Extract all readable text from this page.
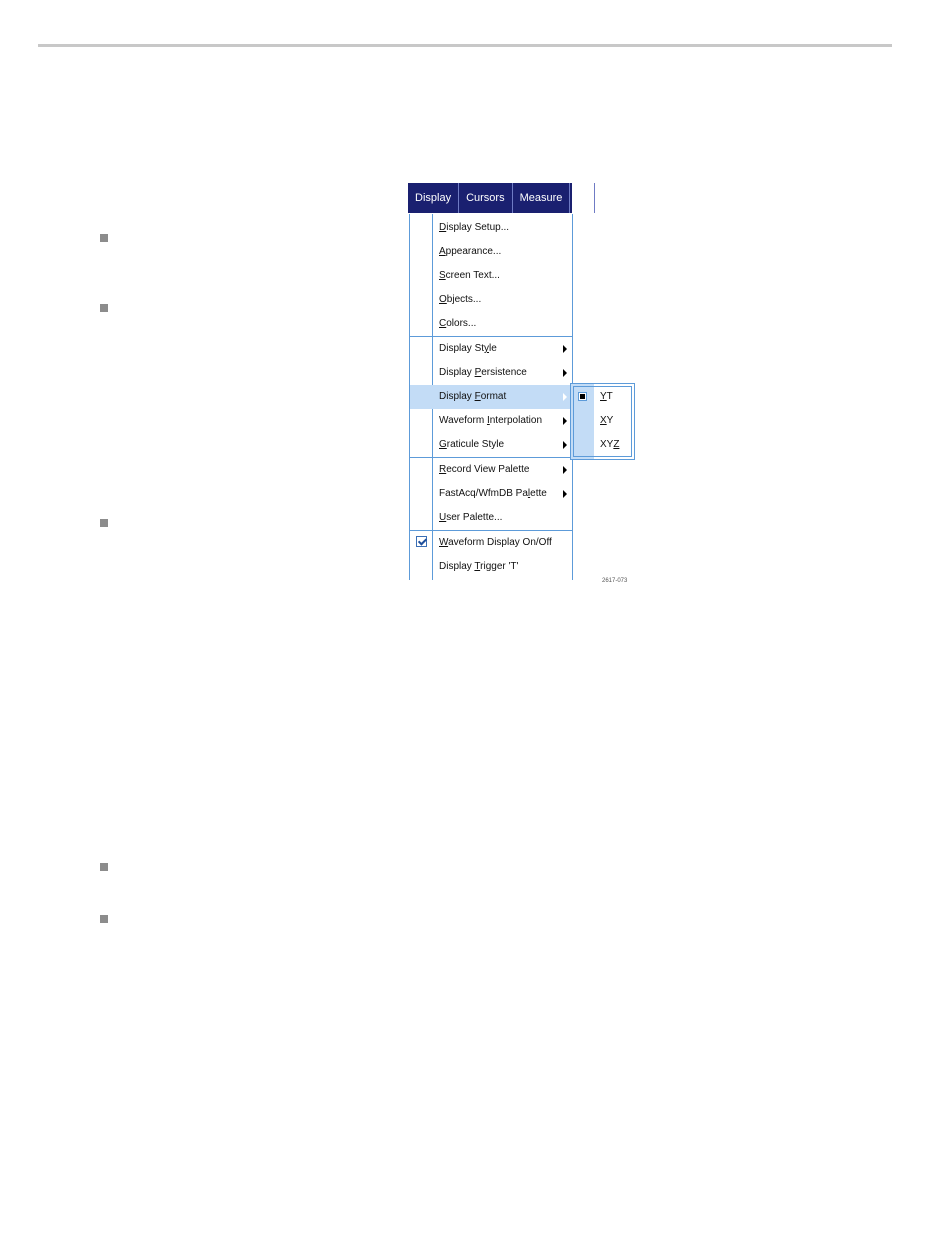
Display	Cursors	Measure	M
Display Setup...
Appearance...
Screen Text...
Objects...
Colors...
Display Style
Display Persistence
Display Format
Waveform Interpolation
Graticule Style
Record View Palette
FastAcq/WfmDB Palette
User Palette...
Waveform Display On/Off
Display Trigger 'T'
YT
XY
XYZ
2617-073
